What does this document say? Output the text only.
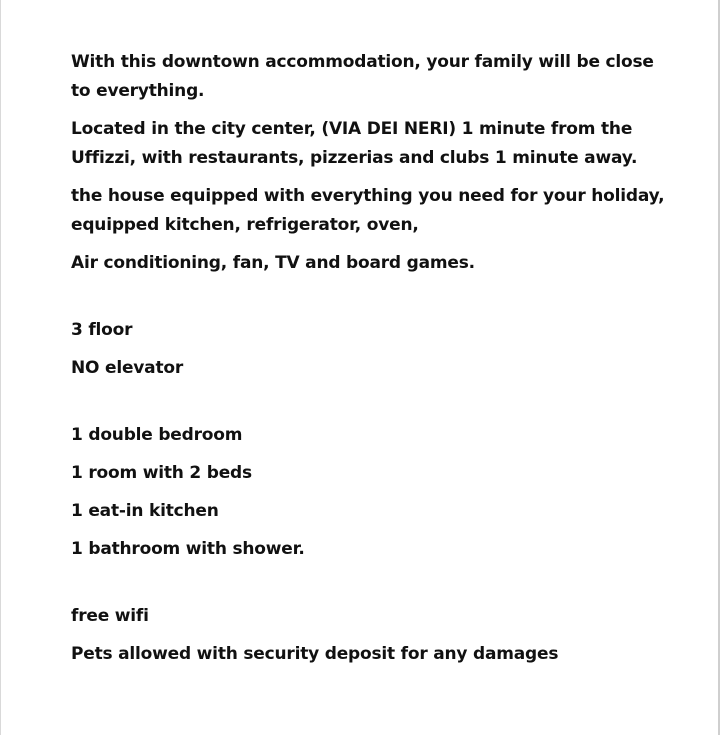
With this downtown accommodation, your family will be close
to everything.

Located in the city center, (VIA DEI NERI) 1 minute from the
Uffizzi, with restaurants, pizzerias and clubs 1 minute away.

the house equipped with everything you need for your holiday,
equipped kitchen, refrigerator, oven,

Air conditioning, fan, TV and board games.

3 floor

NO elevator

1 double bedroom

1 room with 2 beds

1 eat-in kitchen

1 bathroom with shower.

free wifi

Pets allowed with security deposit for any damages
